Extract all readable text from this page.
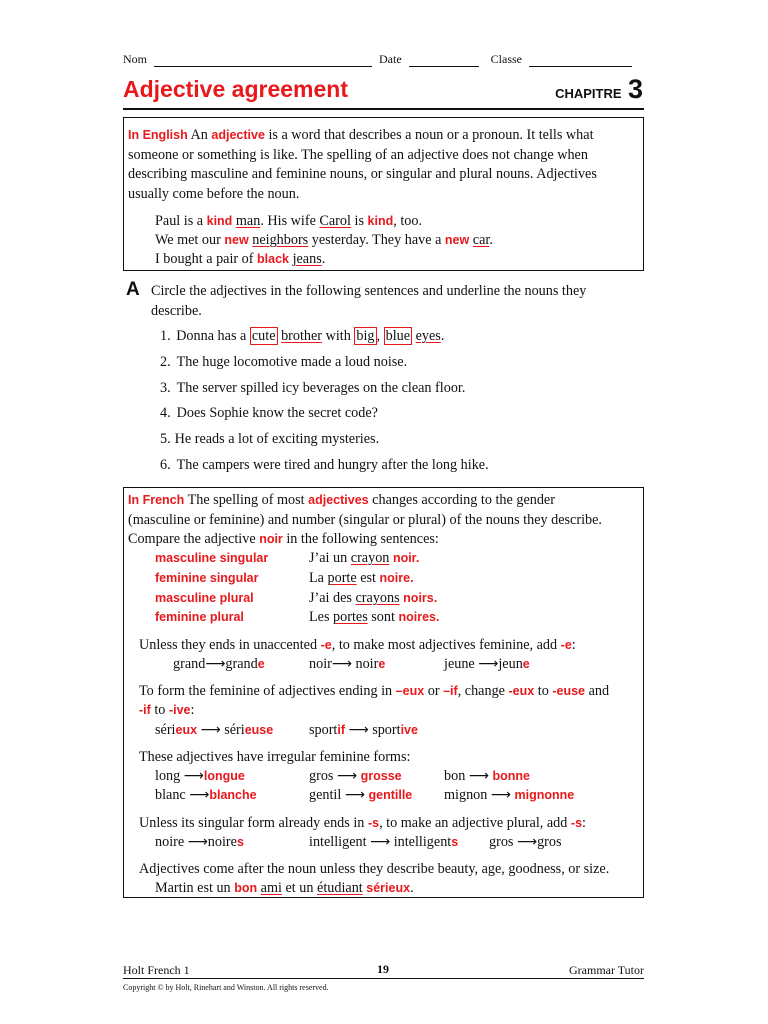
Nom	Date	Classe
Adjective agreement	CHAPITRE 3
In English An adjective is a word that describes a noun or a pronoun. It tells what
someone or something is like. The spelling of an adjective does not change when
describing masculine and feminine nouns, or singular and plural nouns. Adjectives
usually come before the noun.
Paul is a kind man. His wife Carol is kind, too.
We met our new neighbors yesterday. They have a new car.
I bought a pair of black jeans.
A Circle the adjectives in the following sentences and underline the nouns they
describe.
1. Donna has a cute brother with big , blue eyes.
2. The huge locomotive made a loud noise.
3. The server spilled icy beverages on the clean floor.
4. Does Sophie know the secret code?
5. He reads a lot of exciting mysteries.
6. The campers were tired and hungry after the long hike.
In French The spelling of most adjectives changes according to the gender
(masculine or feminine) and number (singular or plural) of the nouns they describe.
Compare the adjective noir in the following sentences:
masculine singular	J’ai un crayon noir.
feminine singular	La porte est noire.
masculine plural	J’ai des crayons noirs.
feminine plural	Les portes sont noires.
Unless they ends in unaccented -e, to make most adjectives feminine, add -e:
grand⟶grande	noir⟶ noire	jeune ⟶jeune
To form the feminine of adjectives ending in –eux or –if, change -eux to -euse and
-if to -ive:
sérieux ⟶ sérieuse	sportif ⟶ sportive
These adjectives have irregular feminine forms:
long ⟶longue	gros ⟶ grosse	bon ⟶ bonne
blanc ⟶blanche	gentil ⟶ gentille mignon ⟶ mignonne
Unless its singular form already ends in -s, to make an adjective plural, add -s:
noire ⟶noires	intelligent ⟶ intelligents gros ⟶gros
Adjectives come after the noun unless they describe beauty, age, goodness, or size.
Martin est un bon ami et un étudiant sérieux.
Holt French 1	19	Grammar Tutor
Copyright © by Holt, Rinehart and Winston. All rights reserved.
